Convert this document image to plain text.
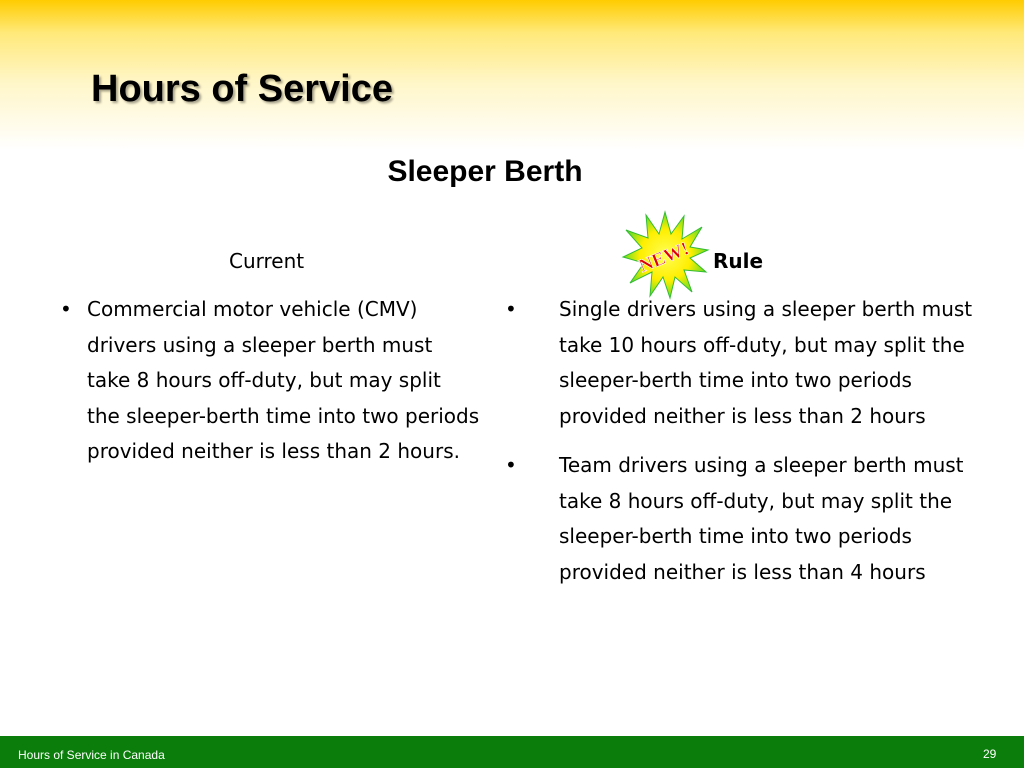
Hours of Service
Sleeper Berth
Current	NEW! Rule
• Commercial motor vehicle (CMV) drivers using a sleeper berth must take 8 hours off-duty, but may split the sleeper-berth time into two periods provided neither is less than 2 hours.
• Single drivers using a sleeper berth must take 10 hours off-duty, but may split the sleeper-berth time into two periods provided neither is less than 2 hours
• Team drivers using a sleeper berth must take 8 hours off-duty, but may split the sleeper-berth time into two periods provided neither is less than 4 hours
Hours of Service in Canada	29
